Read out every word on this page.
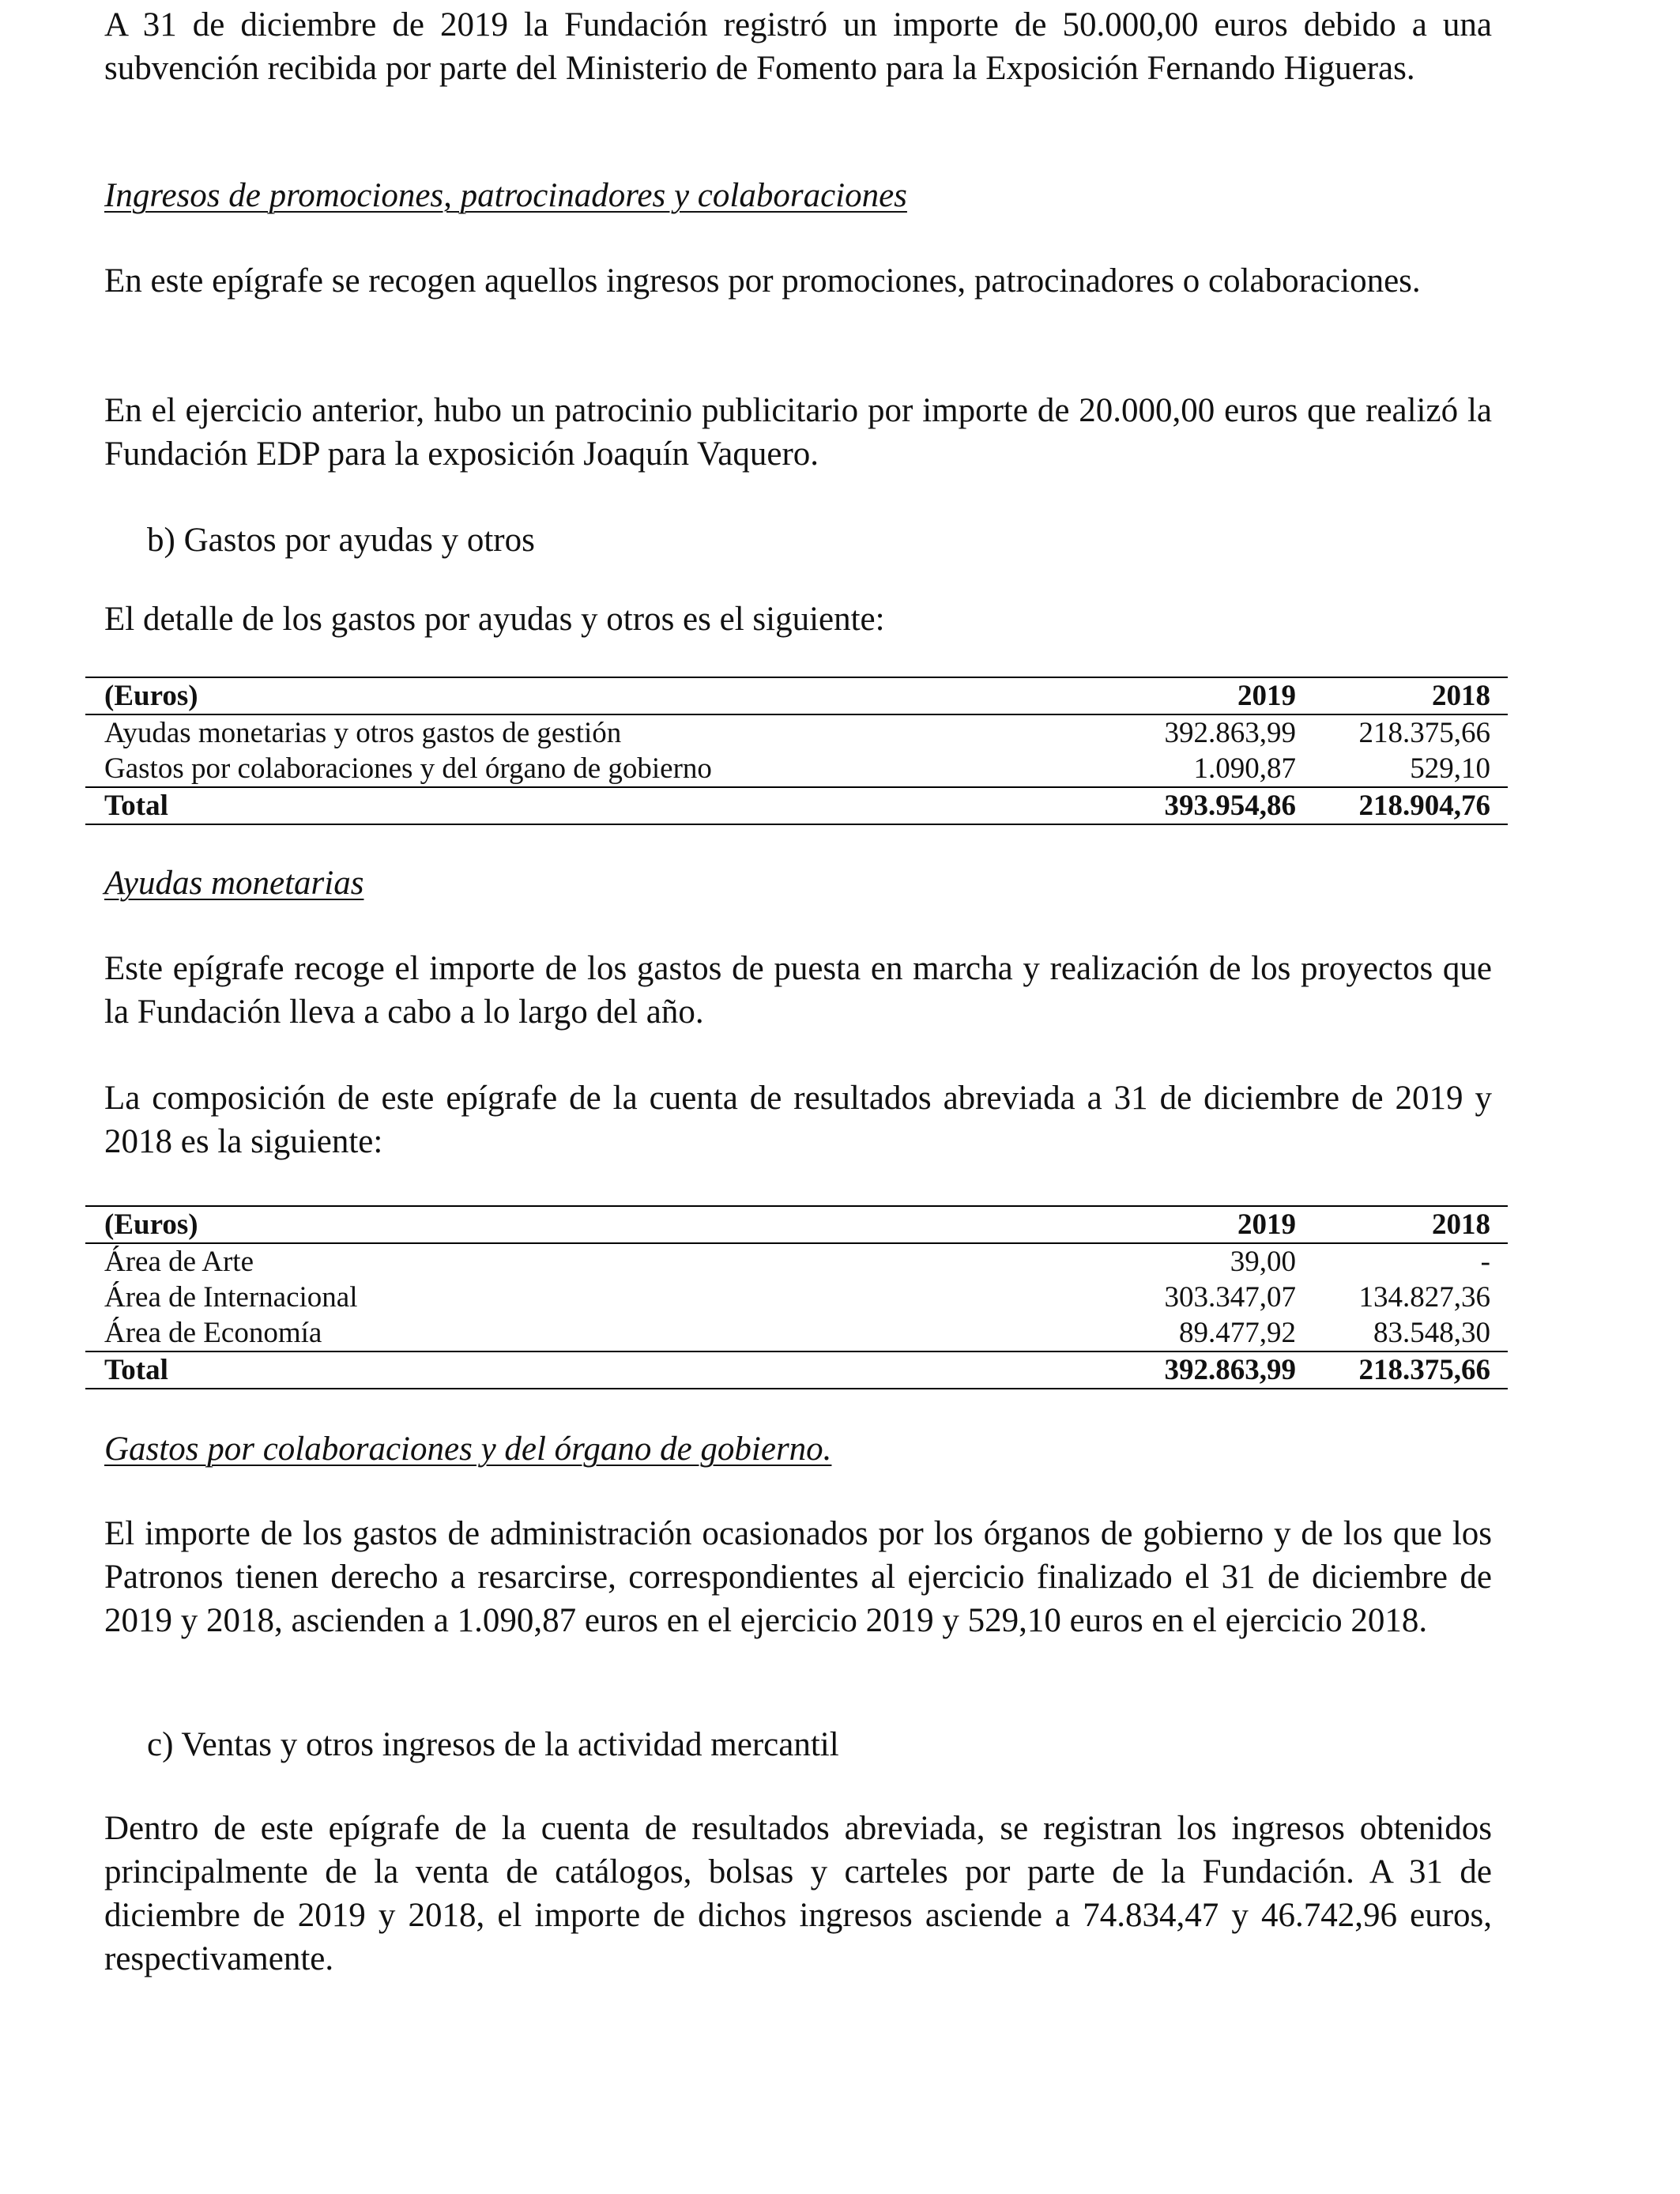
A 31 de diciembre de 2019 la Fundación registró un importe de 50.000,00 euros debido a una subvención recibida por parte del Ministerio de Fomento para la Exposición Fernando Higueras.

Ingresos de promociones, patrocinadores y colaboraciones

En este epígrafe se recogen aquellos ingresos por promociones, patrocinadores o colaboraciones.

En el ejercicio anterior, hubo un patrocinio publicitario por importe de 20.000,00 euros que realizó la Fundación EDP para la exposición Joaquín Vaquero.

b) Gastos por ayudas y otros

El detalle de los gastos por ayudas y otros es el siguiente:

(Euros)	2019	2018
Ayudas monetarias y otros gastos de gestión	392.863,99 218.375,66
Gastos por colaboraciones y del órgano de gobierno	1.090,87	529,10
Total	393.954,86 218.904,76
Ayudas monetarias

Este epígrafe recoge el importe de los gastos de puesta en marcha y realización de los proyectos que la Fundación lleva a cabo a lo largo del año.

La composición de este epígrafe de la cuenta de resultados abreviada a 31 de diciembre de 2019 y 2018 es la siguiente:

(Euros)	2019	2018
Área de Arte	39,00	-
Área de Internacional	303.347,07 134.827,36
Área de Economía	89.477,92	83.548,30
Total	392.863,99 218.375,66
Gastos por colaboraciones y del órgano de gobierno.

El importe de los gastos de administración ocasionados por los órganos de gobierno y de los que los Patronos tienen derecho a resarcirse, correspondientes al ejercicio finalizado el 31 de diciembre de 2019 y 2018, ascienden a 1.090,87 euros en el ejercicio 2019 y 529,10 euros en el ejercicio 2018.

c) Ventas y otros ingresos de la actividad mercantil

Dentro de este epígrafe de la cuenta de resultados abreviada, se registran los ingresos obtenidos principalmente de la venta de catálogos, bolsas y carteles por parte de la Fundación. A 31 de diciembre de 2019 y 2018, el importe de dichos ingresos asciende a 74.834,47 y 46.742,96 euros, respectivamente.
